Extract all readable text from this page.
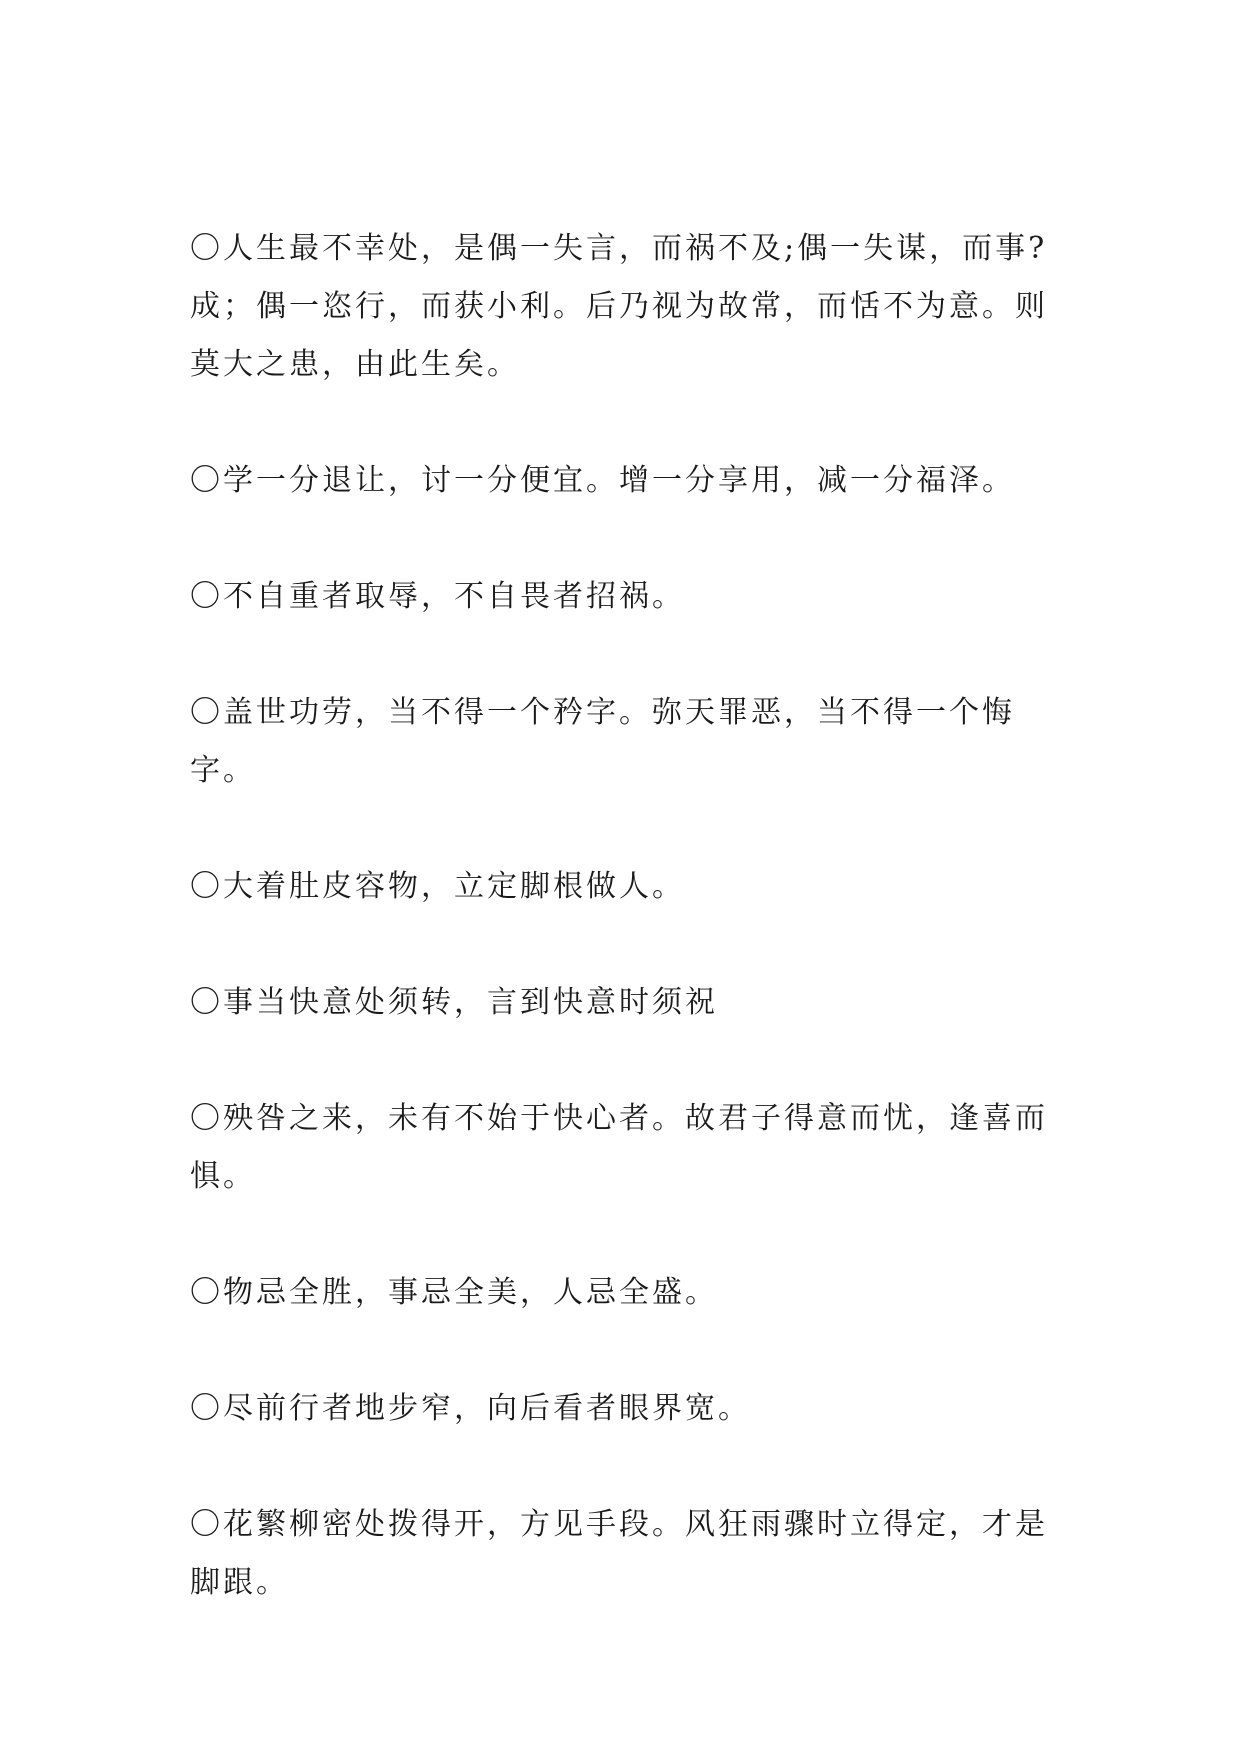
〇人生最不幸处，是偶一失言，而祸不及;偶一失谋，而事?成；偶一恣行，而获小利。后乃视为故常，而恬不为意。则莫大之患，由此生矣。

〇学一分退让，讨一分便宜。增一分享用，减一分福泽。

〇不自重者取辱，不自畏者招祸。

〇盖世功劳，当不得一个矜字。弥天罪恶，当不得一个悔字。

〇大着肚皮容物，立定脚根做人。

〇事当快意处须转，言到快意时须祝

〇殃咎之来，未有不始于快心者。故君子得意而忧，逢喜而惧。

〇物忌全胜，事忌全美，人忌全盛。

〇尽前行者地步窄，向后看者眼界宽。

〇花繁柳密处拨得开，方见手段。风狂雨骤时立得定，才是脚跟。
